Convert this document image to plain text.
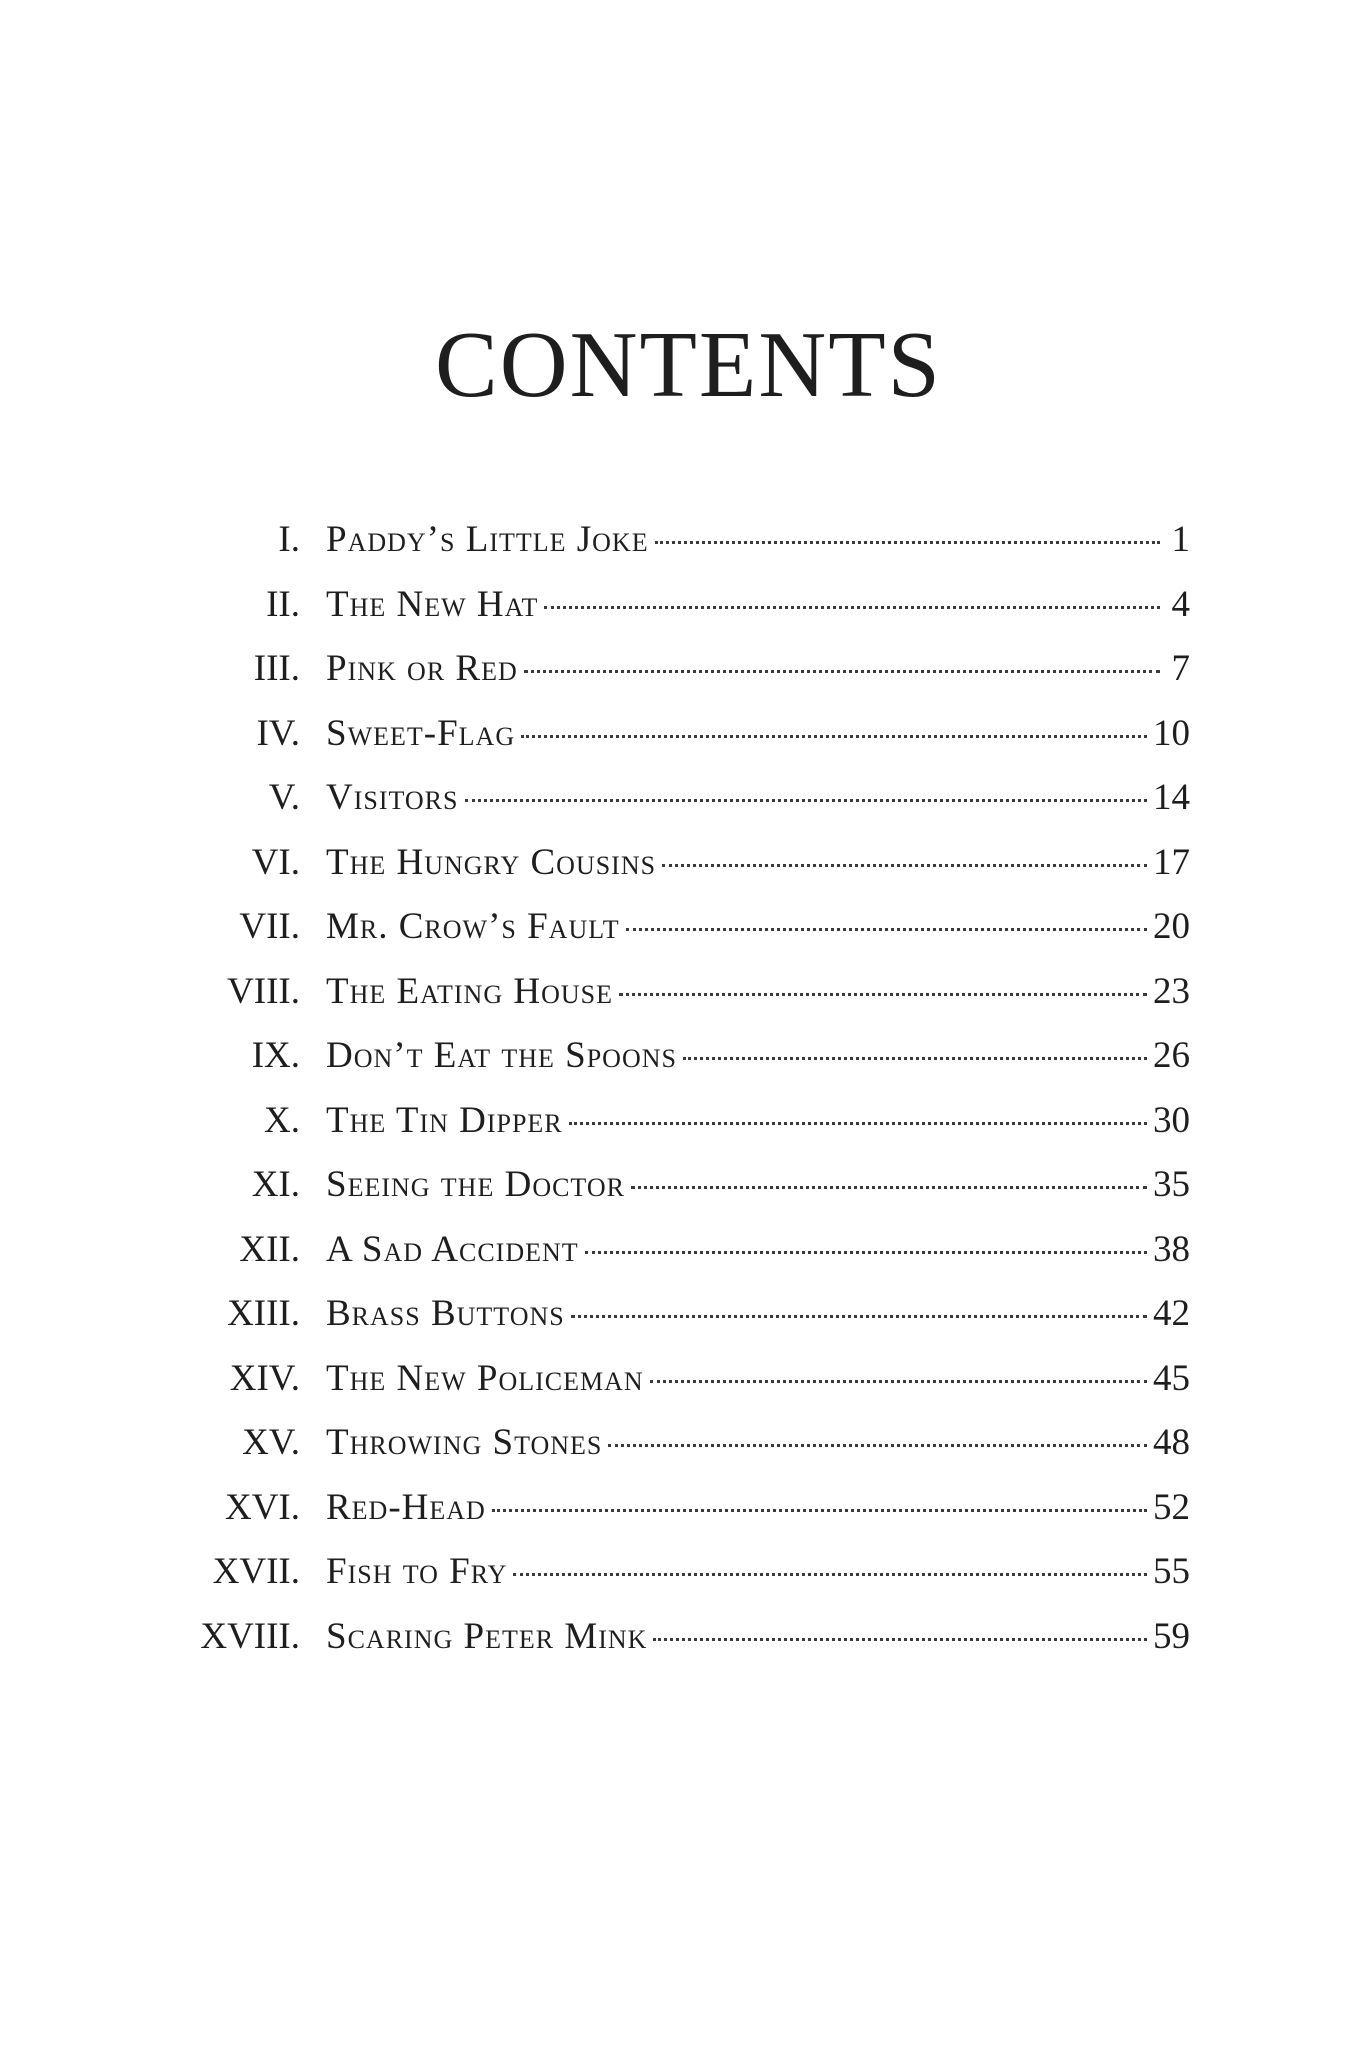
CONTENTS
I. Paddy’s Little Joke	1
II. The New Hat	4
III. Pink or Red	7
IV. Sweet-Flag	10
V. Visitors	14
VI. The Hungry Cousins	17
VII. Mr. Crow’s Fault	20
VIII. The Eating House	23
IX. Don’t Eat the Spoons	26
X. The Tin Dipper	30
XI. Seeing the Doctor	35
XII. A Sad Accident	38
XIII. Brass Buttons	42
XIV. The New Policeman	45
XV. Throwing Stones	48
XVI. Red-Head	52
XVII. Fish to Fry	55
XVIII. Scaring Peter Mink	59
